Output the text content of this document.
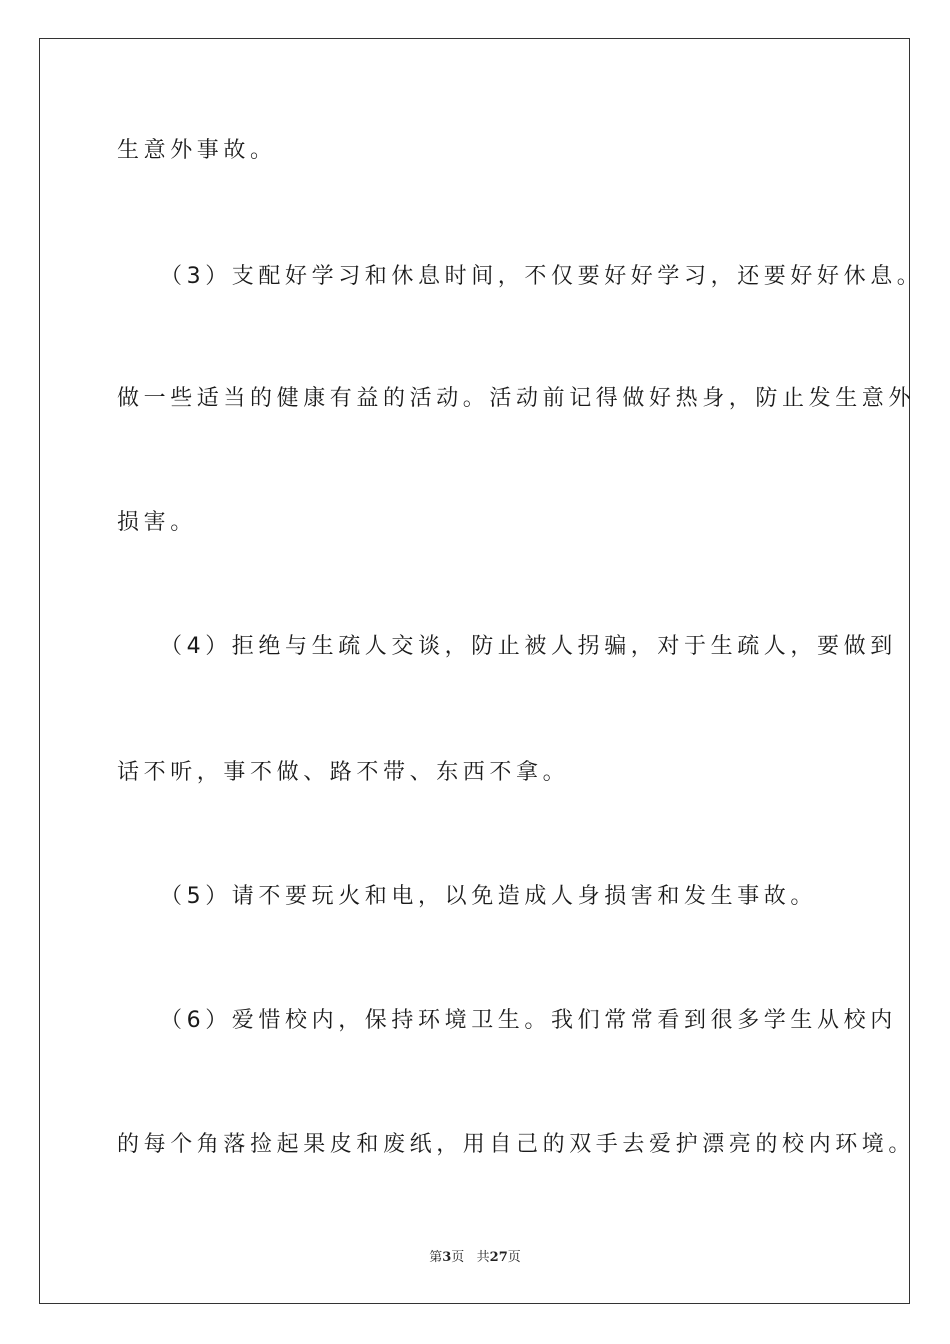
生意外事故。
（3）支配好学习和休息时间，不仅要好好学习，还要好好休息。
做一些适当的健康有益的活动。活动前记得做好热身，防止发生意外
损害。
（4）拒绝与生疏人交谈，防止被人拐骗，对于生疏人，要做到
话不听，事不做、路不带、东西不拿。
（5）请不要玩火和电，以免造成人身损害和发生事故。
（6）爱惜校内，保持环境卫生。我们常常看到很多学生从校内
的每个角落捡起果皮和废纸，用自己的双手去爱护漂亮的校内环境。
第3页   共27页
